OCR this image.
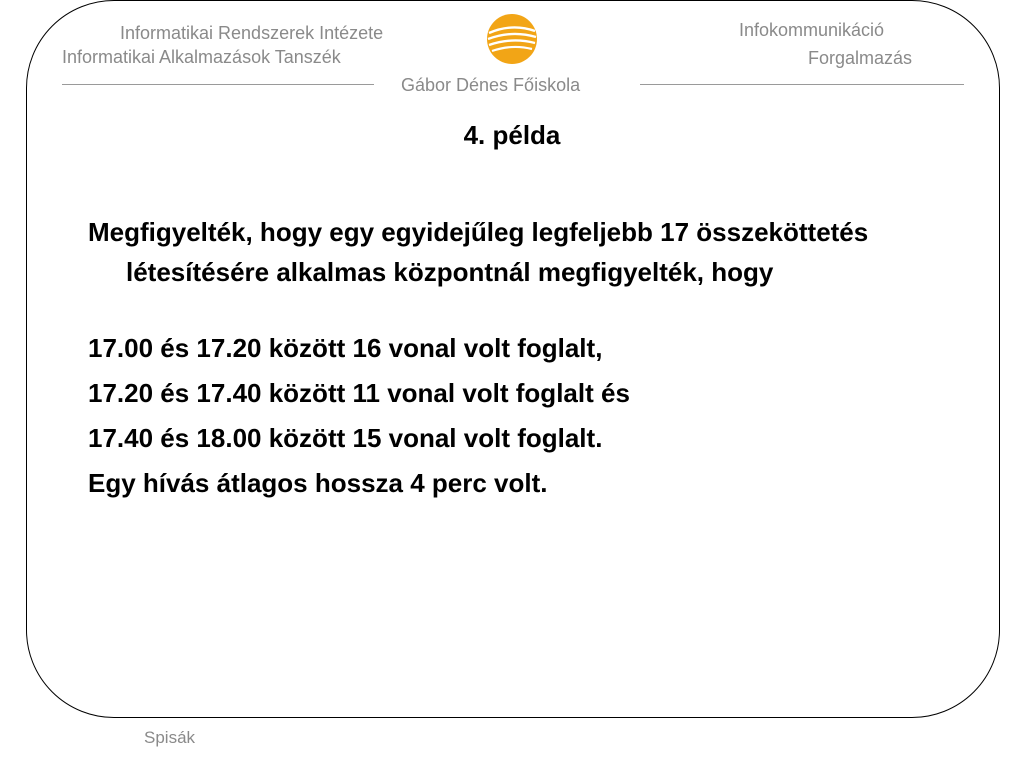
Informatikai Rendszerek Intézete
Informatikai Alkalmazások Tanszék
Infokommunikáció
Forgalmazás
Gábor Dénes Főiskola
4. példa

Megfigyelték, hogy egy egyidejűleg legfeljebb 17 összeköttetés létesítésére alkalmas központnál megfigyelték, hogy

17.00 és 17.20 között 16 vonal volt foglalt,

17.20 és 17.40 között 11 vonal volt foglalt és

17.40 és 18.00 között 15 vonal volt foglalt.

Egy hívás átlagos hossza 4 perc volt.

Spisák
